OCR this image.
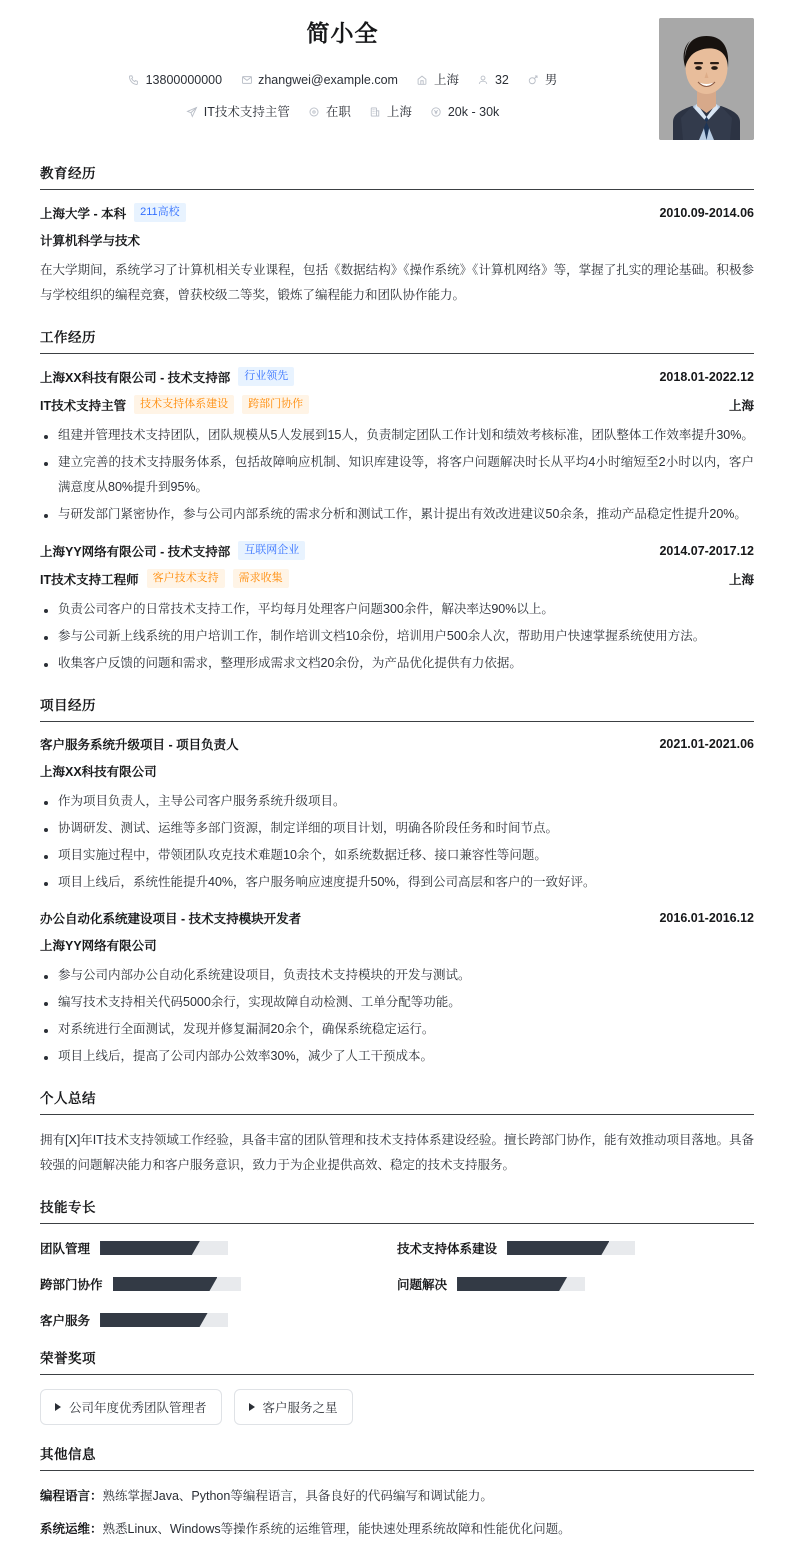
简小全
13800000000	zhangwei@example.com	上海	32	男
IT技术支持主管	在职	上海	20k - 30k
教育经历
上海大学 - 本科	211高校	2010.09-2014.06
计算机科学与技术

在大学期间，系统学习了计算机相关专业课程，包括《数据结构》《操作系统》《计算机网络》等，掌握了扎实的理论基础。积极参与学校组织的编程竞赛，曾获校级二等奖，锻炼了编程能力和团队协作能力。

工作经历
上海XX科技有限公司 - 技术支持部	行业领先	2018.01-2022.12
IT技术支持主管	技术支持体系建设	跨部门协作	上海
组建并管理技术支持团队，团队规模从5人发展到15人，负责制定团队工作计划和绩效考核标准，团队整体工作效率提升30%。
建立完善的技术支持服务体系，包括故障响应机制、知识库建设等，将客户问题解决时长从平均4小时缩短至2小时以内，客户满意度从80%提升到95%。
与研发部门紧密协作，参与公司内部系统的需求分析和测试工作，累计提出有效改进建议50余条，推动产品稳定性提升20%。
上海YY网络有限公司 - 技术支持部	互联网企业	2014.07-2017.12
IT技术支持工程师	客户技术支持	需求收集	上海
负责公司客户的日常技术支持工作，平均每月处理客户问题300余件，解决率达90%以上。
参与公司新上线系统的用户培训工作，制作培训文档10余份，培训用户500余人次，帮助用户快速掌握系统使用方法。
收集客户反馈的问题和需求，整理形成需求文档20余份，为产品优化提供有力依据。
项目经历
客户服务系统升级项目 - 项目负责人	2021.01-2021.06
上海XX科技有限公司
作为项目负责人，主导公司客户服务系统升级项目。
协调研发、测试、运维等多部门资源，制定详细的项目计划，明确各阶段任务和时间节点。
项目实施过程中，带领团队攻克技术难题10余个，如系统数据迁移、接口兼容性等问题。
项目上线后，系统性能提升40%，客户服务响应速度提升50%，得到公司高层和客户的一致好评。
办公自动化系统建设项目 - 技术支持模块开发者	2016.01-2016.12
上海YY网络有限公司
参与公司内部办公自动化系统建设项目，负责技术支持模块的开发与测试。
编写技术支持相关代码5000余行，实现故障自动检测、工单分配等功能。
对系统进行全面测试，发现并修复漏洞20余个，确保系统稳定运行。
项目上线后，提高了公司内部办公效率30%，减少了人工干预成本。
个人总结

拥有[X]年IT技术支持领域工作经验，具备丰富的团队管理和技术支持体系建设经验。擅长跨部门协作，能有效推动项目落地。具备较强的问题解决能力和客户服务意识，致力于为企业提供高效、稳定的技术支持服务。

技能专长
团队管理	技术支持体系建设
跨部门协作	问题解决
客户服务
荣誉奖项
公司年度优秀团队管理者	客户服务之星
其他信息
编程语言：熟练掌握Java、Python等编程语言，具备良好的代码编写和调试能力。
系统运维：熟悉Linux、Windows等操作系统的运维管理，能快速处理系统故障和性能优化问题。
